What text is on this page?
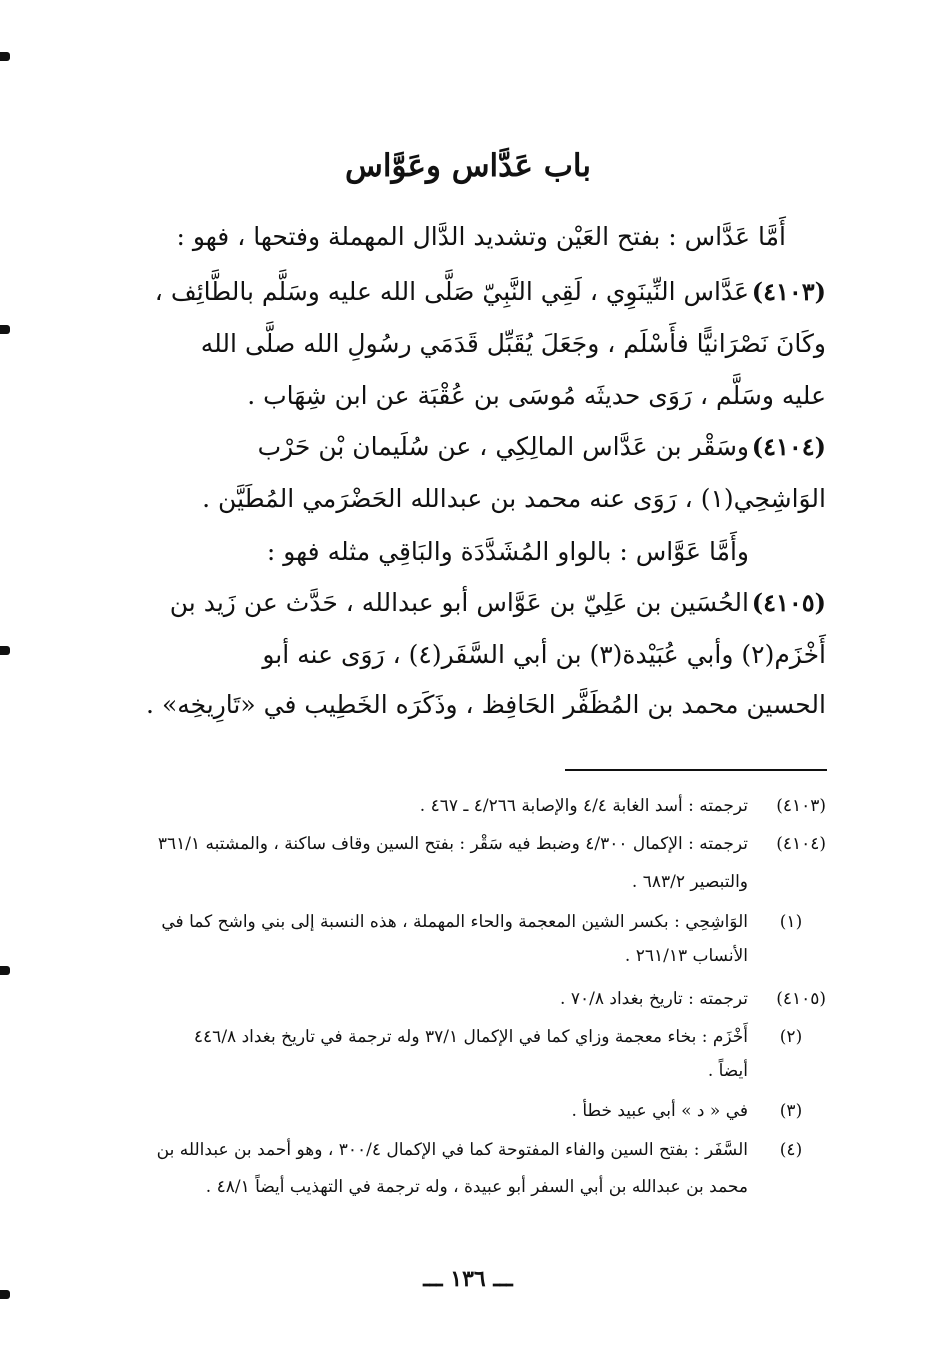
باب عَدَّاس وعَوَّاس
أَمَّا عَدَّاس : بفتح العَيْن وتشديد الدَّال المهملة وفتحها ، فهو :
(٤١٠٣)
عَدَّاس النِّينَوِي ، لَقِي النَّبِيّ صَلَّى الله عليه وسَلَّم بالطَّائِف ،
وكَانَ نَصْرَانيًّا فأَسْلَم ، وجَعَلَ يُقَبِّل قَدَمَي رسُولِ الله صلَّى الله
عليه وسَلَّم ، رَوَى حديثَه مُوسَى بن عُقْبَة عن ابن شِهَاب .
(٤١٠٤)
وسَقْر بن عَدَّاس المالِكِي ، عن سُلَيمان بْن حَرْب
الوَاشِحِي(١) ، رَوَى عنه محمد بن عبدالله الحَضْرَمي المُطَيَّن .
وأَمَّا عَوَّاس : بالواو المُشَدَّدَة والبَاقِي مثله فهو :
(٤١٠٥)
الحُسَين بن عَلِيّ بن عَوَّاس أبو عبدالله ، حَدَّث عن زَيد بن
أَخْزَم(٢) وأبي عُبَيْدة(٣) بن أبي السَّفَر(٤) ، رَوَى عنه أبو
الحسين محمد بن المُظَفَّر الحَافِظ ، وذَكَرَه الخَطِيب في «تَارِيخِه» .
(٤١٠٣)
ترجمته : أسد الغابة ٤/٤ والإصابة ٤/٢٦٦ ـ ٤٦٧ .
(٤١٠٤)
ترجمته : الإكمال ٤/٣٠٠ وضبط فيه سَقْر : بفتح السين وقاف ساكنة ، والمشتبه ٣٦١/١
والتبصير ٦٨٣/٢ .
(١)
الوَاشِحِي : بكسر الشين المعجمة والحاء المهملة ، هذه النسبة إلى بني واشح كما في
الأنساب ٢٦١/١٣ .
(٤١٠٥)
ترجمته : تاريخ بغداد ٧٠/٨ .
(٢)
أَخْزَم : بخاء معجمة وزاي كما في الإكمال ٣٧/١ وله ترجمة في تاريخ بغداد ٤٤٦/٨
أيضاً .
(٣)
في « د » أبي عبيد خطأ .
(٤)
السَّفَر : بفتح السين والفاء المفتوحة كما في الإكمال ٣٠٠/٤ ، وهو أحمد بن عبدالله بن
محمد بن عبدالله بن أبي السفر أبو عبيدة ، وله ترجمة في التهذيب أيضاً ٤٨/١ .
ـــ ١٣٦ ـــ
